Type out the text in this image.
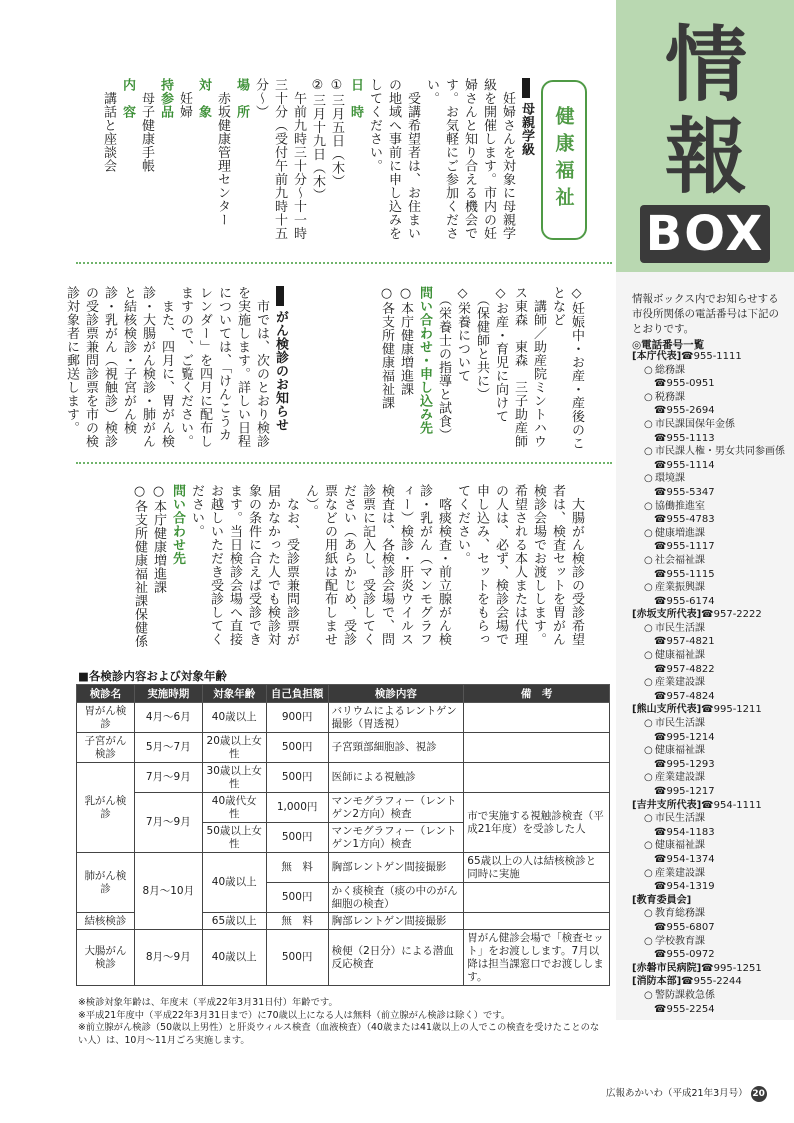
情報
BOX
情報ボックス内でお知らせする市役所関係の電話番号は下記のとおりです。
◎電話番号一覧
[本庁代表]☎955-1111
○ 総務課
☎955-0951
○ 税務課
☎955-2694
○ 市民課国保年金係
☎955-1113
○ 市民課人権・男女共同参画係
☎955-1114
○ 環境課
☎955-5347
○ 協働推進室
☎955-4783
○ 健康増進課
☎955-1117
○ 社会福祉課
☎955-1115
○ 産業振興課
☎955-6174
[赤坂支所代表]☎957-2222
○ 市民生活課
☎957-4821
○ 健康福祉課
☎957-4822
○ 産業建設課
☎957-4824
[熊山支所代表]☎995-1211
○ 市民生活課
☎995-1214
○ 健康福祉課
☎995-1293
○ 産業建設課
☎995-1217
[吉井支所代表]☎954-1111
○ 市民生活課
☎954-1183
○ 健康福祉課
☎954-1374
○ 産業建設課
☎954-1319
[教育委員会]
○ 教育総務課
☎955-6807
○ 学校教育課
☎955-0972
[赤磐市民病院]☎995-1251
[消防本部]☎955-2244
○ 警防課救急係
☎955-2254
健康福祉
母親学級
　妊婦さんを対象に母親学級を開催します。市内の妊婦さんと知り合える機会です。お気軽にご参加ください。
　受講希望者は、お住まいの地域へ事前に申し込みをしてください。
日　時
①三月五日（木）
②三月十九日（木）
　午前九時三十分〜十一時三十分（受付午前九時十五分〜）
場　所
　赤坂健康管理センター
対　象
　妊婦
持参品
　母子健康手帳
内　容
　講話と座談会
◇妊娠中・お産・産後のことなど
　講師／助産院ミントハウス東森　東森　三子助産師
◇お産・育児に向けて
　（保健師と共に）
◇栄養について
　（栄養士の指導と試食）
問い合わせ・申し込み先
○本庁健康増進課
○各支所健康福祉課
がん検診のお知らせ
　市では、次のとおり検診を実施します。詳しい日程については、「けんこうカレンダー」を四月に配布しますので、ご覧ください。
　また、四月に、胃がん検診・大腸がん検診・肺がんと結核検診・子宮がん検診・乳がん（視触診）検診の受診票兼問診票を市の検診対象者に郵送します。
　大腸がん検診の受診希望者は、検査セットを胃がん検診会場でお渡しします。希望される本人または代理の人は、必ず、検診会場で申し込み、セットをもらってください。
　喀痰検査・前立腺がん検診・乳がん（マンモグラフィー）検診・肝炎ウイルス検査は、各検診会場で、問診票に記入し、受診してください（あらかじめ、受診票などの用紙は配布しません）。
　なお、受診票兼問診票が届かなかった人でも検診対象の条件に合えば受診できます。当日検診会場へ直接お越しいただき受診してください。
問い合わせ先
○本庁健康増進課
○各支所健康福祉課保健係
■各検診内容および対象年齢
検診名	実施時期	対象年齢	自己負担額	検診内容	備　考
胃がん検診	4月〜6月	40歳以上	900円	バリウムによるレントゲン撮影（胃透視）	
子宮がん検診	5月〜7月	20歳以上女　性	500円	子宮頸部細胞診、視診	
乳がん検診	7月〜9月	30歳以上女　性	500円	医師による視触診	
	7月〜9月	40歳代女　性	1,000円	マンモグラフィー（レントゲン2方向）検査	市で実施する視触診検査（平成21年度）を受診した人
		50歳以上女　性	500円	マンモグラフィー（レントゲン1方向）検査	
肺がん検診	8月〜10月	40歳以上	無　料	胸部レントゲン間接撮影	65歳以上の人は結核検診と同時に実施
			500円	かく痰検査（痰の中のがん細胞の検査）	
結核検診		65歳以上	無　料	胸部レントゲン間接撮影	
大腸がん検診	8月〜9月	40歳以上	500円	検便（2日分）による潜血反応検査	胃がん健診会場で「検査セット」をお渡しします。7月以降は担当課窓口でお渡しします。
※検診対象年齢は、年度末（平成22年3月31日付）年齢です。
※平成21年度中（平成22年3月31日まで）に70歳以上になる人は無料（前立腺がん検診は除く）です。
※前立腺がん検診（50歳以上男性）と肝炎ウィルス検査（血液検査）（40歳または41歳以上の人でこの検査を受けたことのない人）は、10月〜11月ごろ実施します。
広報あかいわ（平成21年3月号） 20
